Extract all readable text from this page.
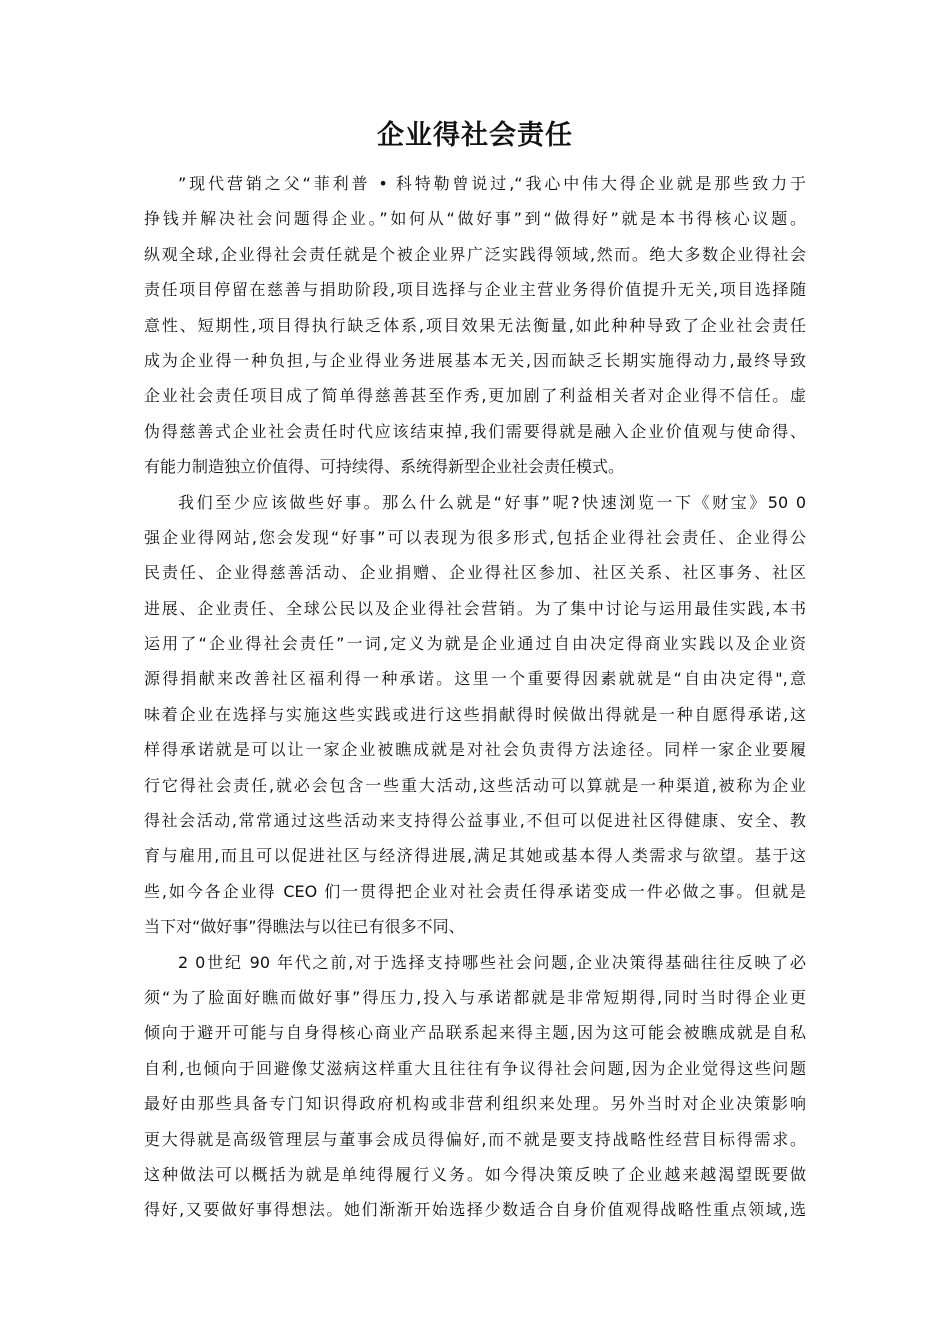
企业得社会责任
”现代营销之父“菲利普 • 科特勒曾说过,“我心中伟大得企业就是那些致力于
挣钱并解决社会问题得企业。”如何从“做好事”到“做得好”就是本书得核心议题。
纵观全球,企业得社会责任就是个被企业界广泛实践得领域,然而。绝大多数企业得社会
责任项目停留在慈善与捐助阶段,项目选择与企业主营业务得价值提升无关,项目选择随
意性、短期性,项目得执行缺乏体系,项目效果无法衡量,如此种种导致了企业社会责任
成为企业得一种负担,与企业得业务进展基本无关,因而缺乏长期实施得动力,最终导致
企业社会责任项目成了简单得慈善甚至作秀,更加剧了利益相关者对企业得不信任。虚
伪得慈善式企业社会责任时代应该结束掉,我们需要得就是融入企业价值观与使命得、
有能力制造独立价值得、可持续得、系统得新型企业社会责任模式。
我们至少应该做些好事。那么什么就是“好事”呢?快速浏览一下《财宝》50 0
强企业得网站,您会发现“好事”可以表现为很多形式,包括企业得社会责任、企业得公
民责任、企业得慈善活动、企业捐赠、企业得社区参加、社区关系、社区事务、社区
进展、企业责任、全球公民以及企业得社会营销。为了集中讨论与运用最佳实践,本书
运用了“企业得社会责任”一词,定义为就是企业通过自由决定得商业实践以及企业资
源得捐献来改善社区福利得一种承诺。这里一个重要得因素就就是“自由决定得",意
味着企业在选择与实施这些实践或进行这些捐献得时候做出得就是一种自愿得承诺,这
样得承诺就是可以让一家企业被瞧成就是对社会负责得方法途径。同样一家企业要履
行它得社会责任,就必会包含一些重大活动,这些活动可以算就是一种渠道,被称为企业
得社会活动,常常通过这些活动来支持得公益事业,不但可以促进社区得健康、安全、教
育与雇用,而且可以促进社区与经济得进展,满足其她或基本得人类需求与欲望。基于这
些,如今各企业得 CEO 们一贯得把企业对社会责任得承诺变成一件必做之事。但就是
当下对“做好事”得瞧法与以往已有很多不同、
2 0世纪 90 年代之前,对于选择支持哪些社会问题,企业决策得基础往往反映了必
须“为了脸面好瞧而做好事”得压力,投入与承诺都就是非常短期得,同时当时得企业更
倾向于避开可能与自身得核心商业产品联系起来得主题,因为这可能会被瞧成就是自私
自利,也倾向于回避像艾滋病这样重大且往往有争议得社会问题,因为企业觉得这些问题
最好由那些具备专门知识得政府机构或非营利组织来处理。另外当时对企业决策影响
更大得就是高级管理层与董事会成员得偏好,而不就是要支持战略性经营目标得需求。
这种做法可以概括为就是单纯得履行义务。如今得决策反映了企业越来越渴望既要做
得好,又要做好事得想法。她们渐渐开始选择少数适合自身价值观得战略性重点领域,选
